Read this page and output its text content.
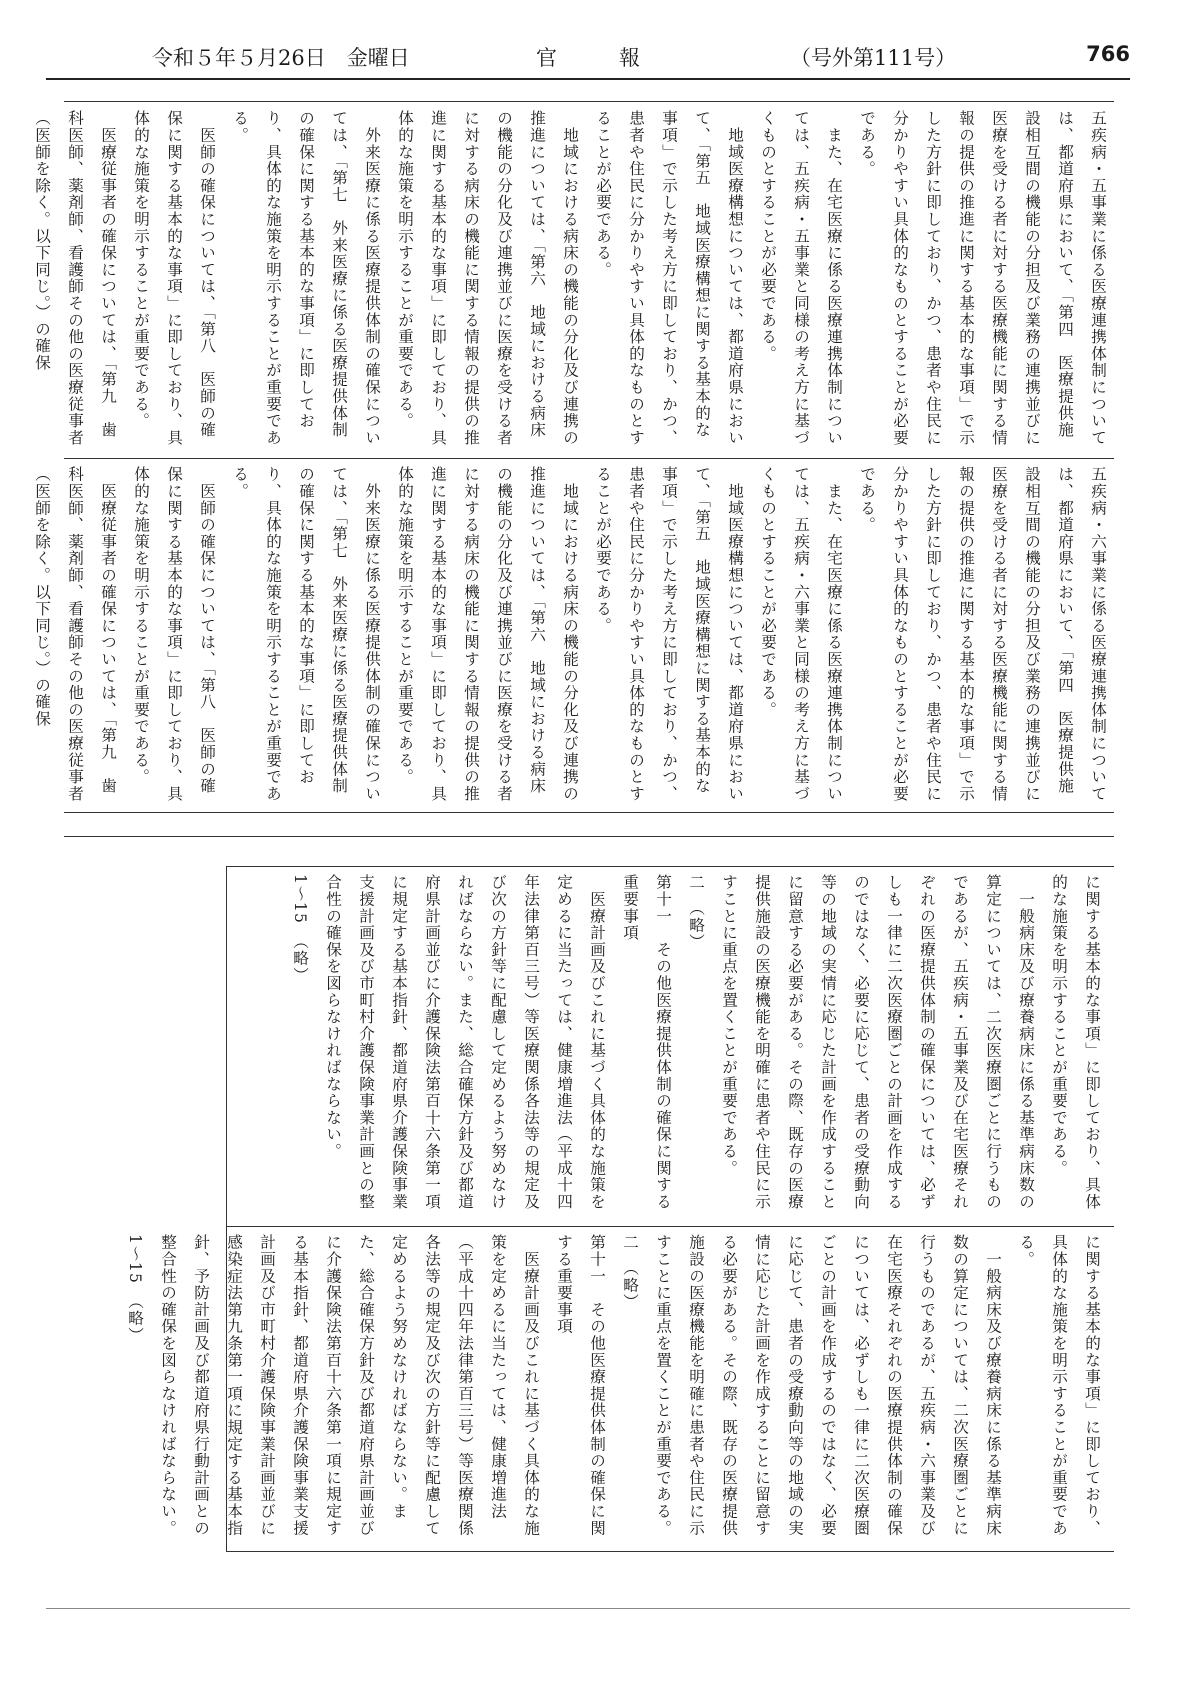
令和５年５月26日　金曜日	官報	（号外第111号）	766
五疾病・五事業に係る医療連携体制については、都道府県において、「第四　医療提供施設相互間の機能の分担及び業務の連携並びに医療を受ける者に対する医療機能に関する情報の提供の推進に関する基本的な事項」で示した方針に即しており、かつ、患者や住民に分かりやすい具体的なものとすることが必要である。
　また、在宅医療に係る医療連携体制については、五疾病・五事業と同様の考え方に基づくものとすることが必要である。
　地域医療構想については、都道府県において、「第五　地域医療構想に関する基本的な事項」で示した考え方に即しており、かつ、患者や住民に分かりやすい具体的なものとすることが必要である。
　地域における病床の機能の分化及び連携の推進については、「第六　地域における病床の機能の分化及び連携並びに医療を受ける者に対する病床の機能に関する情報の提供の推進に関する基本的な事項」に即しており、具体的な施策を明示することが重要である。
　外来医療に係る医療提供体制の確保については、「第七　外来医療に係る医療提供体制の確保に関する基本的な事項」に即しており、具体的な施策を明示することが重要である。
　医師の確保については、「第八　医師の確保に関する基本的な事項」に即しており、具体的な施策を明示することが重要である。
　医療従事者の確保については、「第九　歯科医師、薬剤師、看護師その他の医療従事者（医師を除く。以下同じ。）の確保
五疾病・六事業に係る医療連携体制については、都道府県において、「第四　医療提供施設相互間の機能の分担及び業務の連携並びに医療を受ける者に対する医療機能に関する情報の提供の推進に関する基本的な事項」で示した方針に即しており、かつ、患者や住民に分かりやすい具体的なものとすることが必要である。
　また、在宅医療に係る医療連携体制については、五疾病・六事業と同様の考え方に基づくものとすることが必要である。
　地域医療構想については、都道府県において、「第五　地域医療構想に関する基本的な事項」で示した考え方に即しており、かつ、患者や住民に分かりやすい具体的なものとすることが必要である。
　地域における病床の機能の分化及び連携の推進については、「第六　地域における病床の機能の分化及び連携並びに医療を受ける者に対する病床の機能に関する情報の提供の推進に関する基本的な事項」に即しており、具体的な施策を明示することが重要である。
　外来医療に係る医療提供体制の確保については、「第七　外来医療に係る医療提供体制の確保に関する基本的な事項」に即しており、具体的な施策を明示することが重要である。
　医師の確保については、「第八　医師の確保に関する基本的な事項」に即しており、具体的な施策を明示することが重要である。
　医療従事者の確保については、「第九　歯科医師、薬剤師、看護師その他の医療従事者（医師を除く。以下同じ。）の確保
に関する基本的な事項」に即しており、具体的な施策を明示することが重要である。
　一般病床及び療養病床に係る基準病床数の算定については、二次医療圏ごとに行うものであるが、五疾病・五事業及び在宅医療それぞれの医療提供体制の確保については、必ずしも一律に二次医療圏ごとの計画を作成するのではなく、必要に応じて、患者の受療動向等の地域の実情に応じた計画を作成することに留意する必要がある。その際、既存の医療提供施設の医療機能を明確に患者や住民に示すことに重点を置くことが重要である。
二　（略）
第十一　その他医療提供体制の確保に関する重要事項
　医療計画及びこれに基づく具体的な施策を定めるに当たっては、健康増進法（平成十四年法律第百三号）等医療関係各法等の規定及び次の方針等に配慮して定めるよう努めなければならない。また、総合確保方針及び都道府県計画並びに介護保険法第百十六条第一項に規定する基本指針、都道府県介護保険事業支援計画及び市町村介護保険事業計画との整合性の確保を図らなければならない。
1～15　（略）
に関する基本的な事項」に即しており、具体的な施策を明示することが重要である。
　一般病床及び療養病床に係る基準病床数の算定については、二次医療圏ごとに行うものであるが、五疾病・六事業及び在宅医療それぞれの医療提供体制の確保については、必ずしも一律に二次医療圏ごとの計画を作成するのではなく、必要に応じて、患者の受療動向等の地域の実情に応じた計画を作成することに留意する必要がある。その際、既存の医療提供施設の医療機能を明確に患者や住民に示すことに重点を置くことが重要である。
二　（略）
第十一　その他医療提供体制の確保に関する重要事項
　医療計画及びこれに基づく具体的な施策を定めるに当たっては、健康増進法（平成十四年法律第百三号）等医療関係各法等の規定及び次の方針等に配慮して定めるよう努めなければならない。また、総合確保方針及び都道府県計画並びに介護保険法第百十六条第一項に規定する基本指針、都道府県介護保険事業支援計画及び市町村介護保険事業計画並びに感染症法第九条第一項に規定する基本指針、予防計画及び都道府県行動計画との整合性の確保を図らなければならない。
1～15　（略）
